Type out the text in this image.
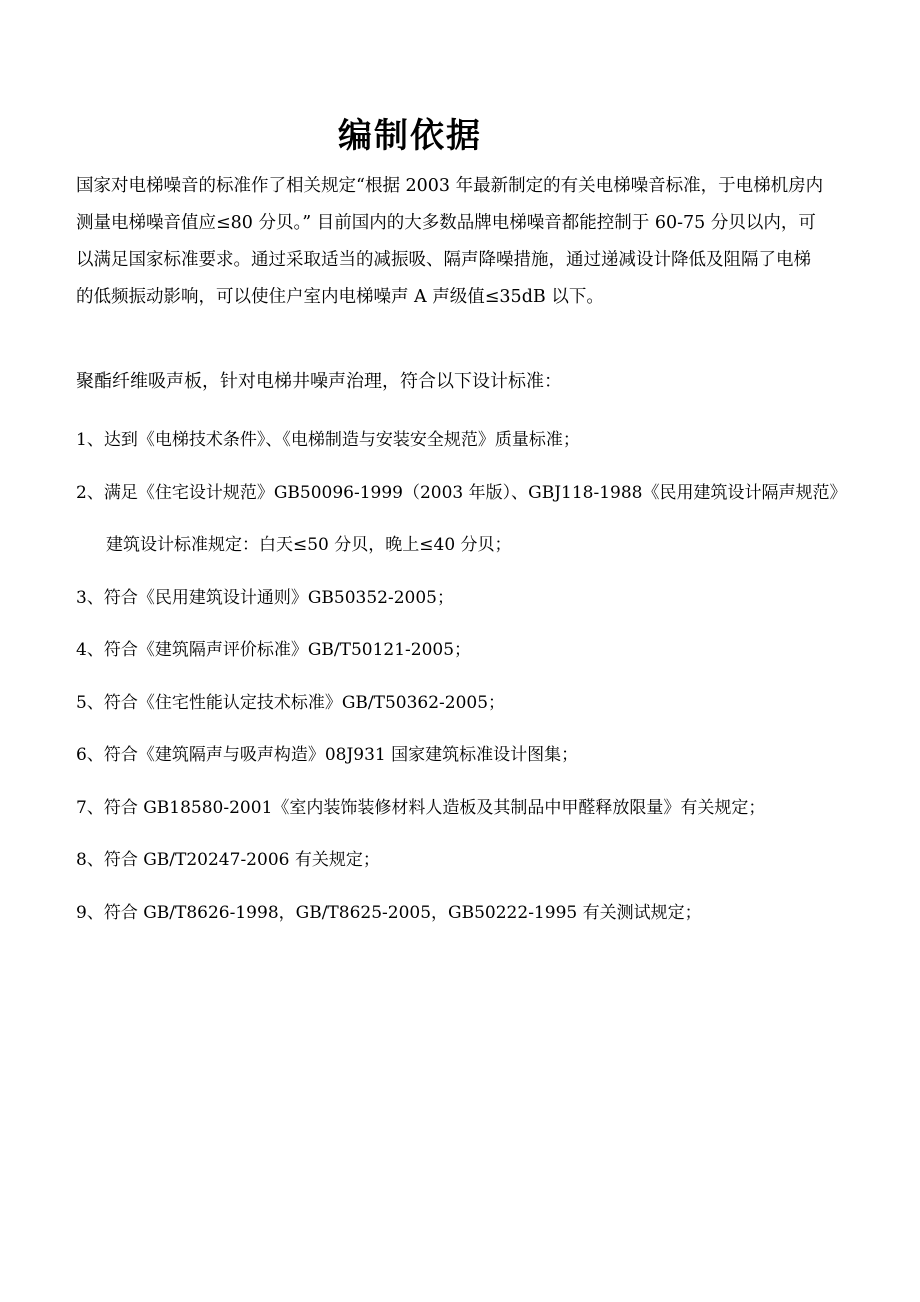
编制依据
国家对电梯噪音的标准作了相关规定“根据 2003 年最新制定的有关电梯噪音标准，于电梯机房内
测量电梯噪音值应≤80 分贝。” 目前国内的大多数品牌电梯噪音都能控制于 60-75 分贝以内，可
以满足国家标准要求。通过采取适当的减振吸、隔声降噪措施，通过递减设计降低及阻隔了电梯
的低频振动影响，可以使住户室内电梯噪声 A 声级值≤35dB 以下。
聚酯纤维吸声板，针对电梯井噪声治理，符合以下设计标准：
1、达到《电梯技术条件》、《电梯制造与安装安全规范》质量标准；
2、满足《住宅设计规范》GB50096-1999（2003 年版）、GBJ118-1988《民用建筑设计隔声规范》
建筑设计标准规定：白天≤50 分贝，晚上≤40 分贝；
3、符合《民用建筑设计通则》GB50352-2005；
4、符合《建筑隔声评价标准》GB/T50121-2005；
5、符合《住宅性能认定技术标准》GB/T50362-2005；
6、符合《建筑隔声与吸声构造》08J931 国家建筑标准设计图集；
7、符合 GB18580-2001《室内装饰装修材料人造板及其制品中甲醛释放限量》有关规定；
8、符合 GB/T20247-2006 有关规定；
9、符合 GB/T8626-1998，GB/T8625-2005，GB50222-1995 有关测试规定；
